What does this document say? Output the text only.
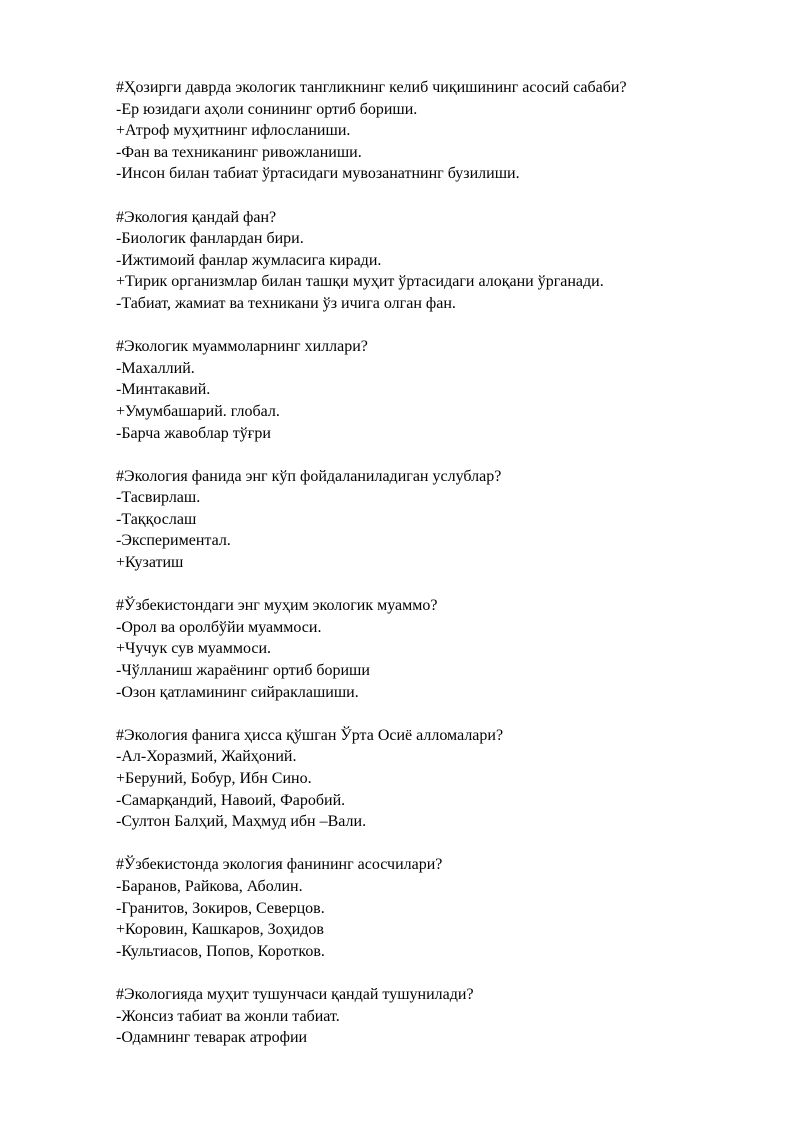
#Ҳозирги даврда экологик тангликнинг келиб чиқишининг асосий сабаби?
-Ер юзидаги аҳоли сонининг ортиб бориши.
+Атроф муҳитнинг ифлосланиши.
-Фан ва техниканинг ривожланиши.
-Инсон билан табиат ўртасидаги мувозанатнинг бузилиши.
#Экология қандай фан?
-Биологик фанлардан бири.
-Ижтимоий фанлар жумласига киради.
+Тирик организмлар билан ташқи муҳит ўртасидаги алоқани ўрганади.
-Табиат, жамиат ва техникани ўз ичига олган фан.
#Экологик муаммоларнинг хиллари?
-Махаллий.
-Минтакавий.
+Умумбашарий. глобал.
-Барча жавоблар тўғри
#Экология фанида энг кўп фойдаланиладиган услублар?
-Тасвирлаш.
-Таққослаш
-Экспериментал.
+Кузатиш
#Ўзбекистондаги энг муҳим экологик муаммо?
-Орол ва оролбўйи муаммоси.
+Чучук сув муаммоси.
-Чўлланиш жараёнинг ортиб бориши
-Озон қатламининг сийраклашиши.
#Экология фанига ҳисса қўшган Ўрта Осиё алломалари?
-Ал-Хоразмий, Жайҳоний.
+Беруний, Бобур, Ибн Сино.
-Самарқандий, Навоий, Фаробий.
-Султон Балҳий, Маҳмуд ибн –Вали.
#Ўзбекистонда экология фанининг асосчилари?
-Баранов, Райкова, Аболин.
-Гранитов, Зокиров, Северцов.
+Коровин, Кашкаров, Зоҳидов
-Культиасов, Попов, Коротков.
#Экологияда муҳит тушунчаси қандай тушунилади?
-Жонсиз табиат ва жонли табиат.
-Одамнинг теварак атрофии
